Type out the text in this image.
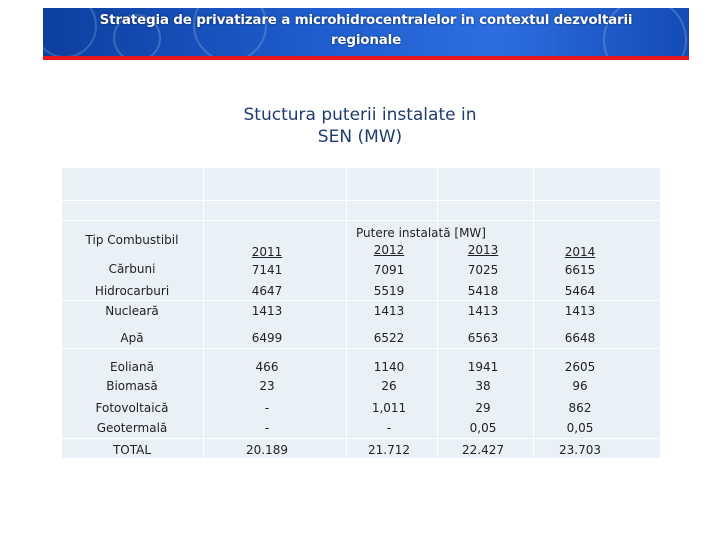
Strategia de privatizare a microhidrocentralelor in contextul dezvoltarii
regionale
Stuctura puterii instalate in
SEN (MW)
Tip Combustibil	Putere instalată [MW]
2011	2012	2013	2014
Cărbuni	7141	7091	7025	6615
Hidrocarburi	4647	5519	5418	5464
Nucleară	1413	1413	1413	1413
Apă	6499	6522	6563	6648
Eoliană	466	1140	1941	2605
Biomasă	23	26	38	96
Fotovoltaică	-	1,011	29	862
Geotermală	-	-	0,05	0,05
TOTAL	20.189	21.712	22.427	23.703
